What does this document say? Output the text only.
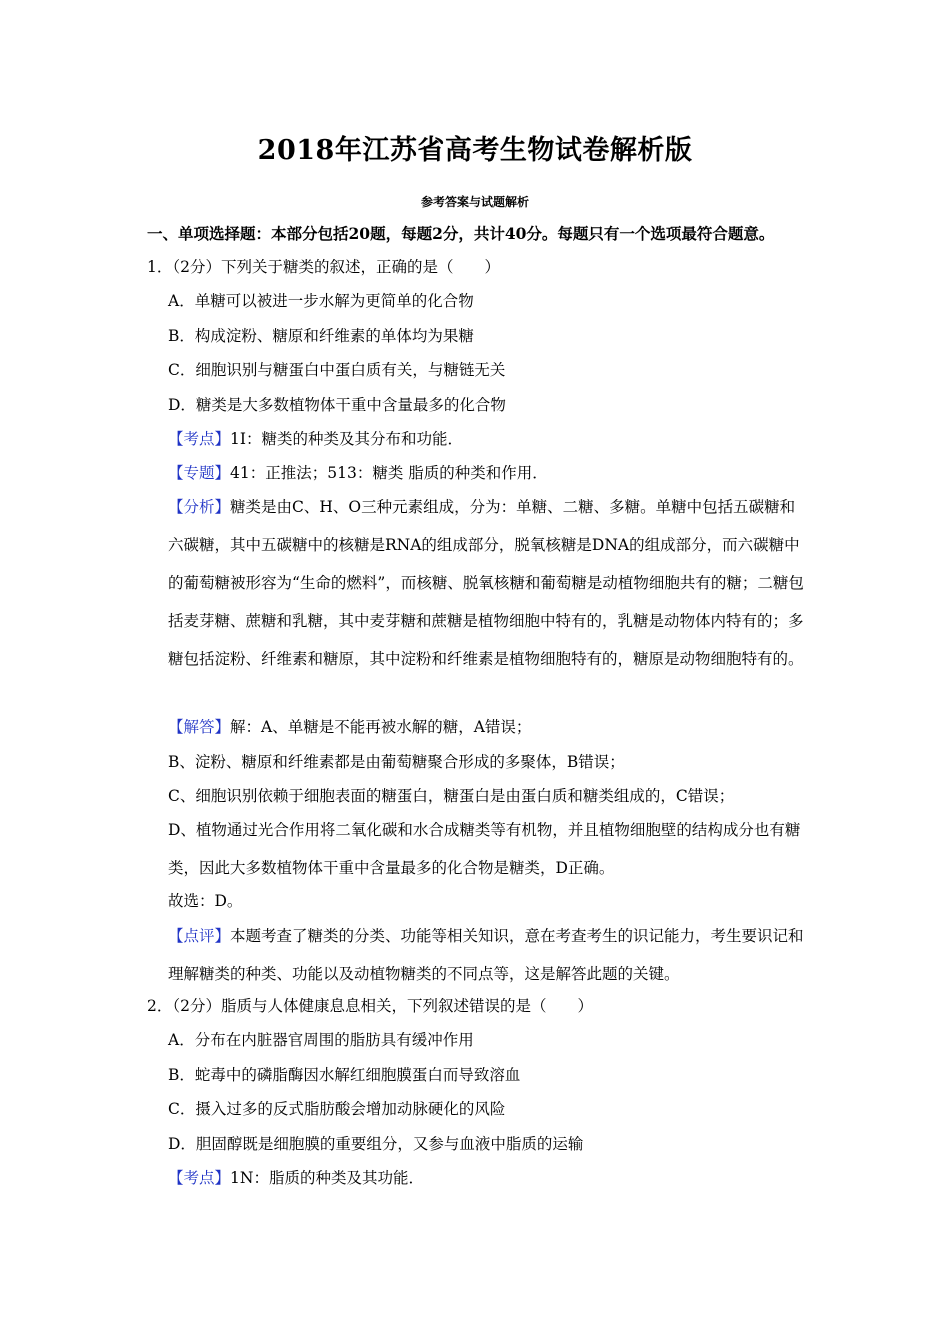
2018年江苏省高考生物试卷解析版
参考答案与试题解析
一、单项选择题：本部分包括20题，每题2分，共计40分。每题只有一个选项最符合题意。
1．（2分）下列关于糖类的叙述，正确的是（　　）
A．单糖可以被进一步水解为更简单的化合物
B．构成淀粉、糖原和纤维素的单体均为果糖
C．细胞识别与糖蛋白中蛋白质有关，与糖链无关
D．糖类是大多数植物体干重中含量最多的化合物
【考点】1I：糖类的种类及其分布和功能．
【专题】41：正推法；513：糖类 脂质的种类和作用．
【分析】糖类是由C、H、O三种元素组成，分为：单糖、二糖、多糖。单糖中包括五碳糖和六碳糖，其中五碳糖中的核糖是RNA的组成部分，脱氧核糖是DNA的组成部分，而六碳糖中的葡萄糖被形容为“生命的燃料”，而核糖、脱氧核糖和葡萄糖是动植物细胞共有的糖；二糖包括麦芽糖、蔗糖和乳糖，其中麦芽糖和蔗糖是植物细胞中特有的，乳糖是动物体内特有的；多糖包括淀粉、纤维素和糖原，其中淀粉和纤维素是植物细胞特有的，糖原是动物细胞特有的。
【解答】解：A、单糖是不能再被水解的糖，A错误；
B、淀粉、糖原和纤维素都是由葡萄糖聚合形成的多聚体，B错误；
C、细胞识别依赖于细胞表面的糖蛋白，糖蛋白是由蛋白质和糖类组成的，C错误；
D、植物通过光合作用将二氧化碳和水合成糖类等有机物，并且植物细胞壁的结构成分也有糖类，因此大多数植物体干重中含量最多的化合物是糖类，D正确。
故选：D。
【点评】本题考查了糖类的分类、功能等相关知识，意在考查考生的识记能力，考生要识记和理解糖类的种类、功能以及动植物糖类的不同点等，这是解答此题的关键。
2．（2分）脂质与人体健康息息相关，下列叙述错误的是（　　）
A．分布在内脏器官周围的脂肪具有缓冲作用
B．蛇毒中的磷脂酶因水解红细胞膜蛋白而导致溶血
C．摄入过多的反式脂肪酸会增加动脉硬化的风险
D．胆固醇既是细胞膜的重要组分，又参与血液中脂质的运输
【考点】1N：脂质的种类及其功能．
